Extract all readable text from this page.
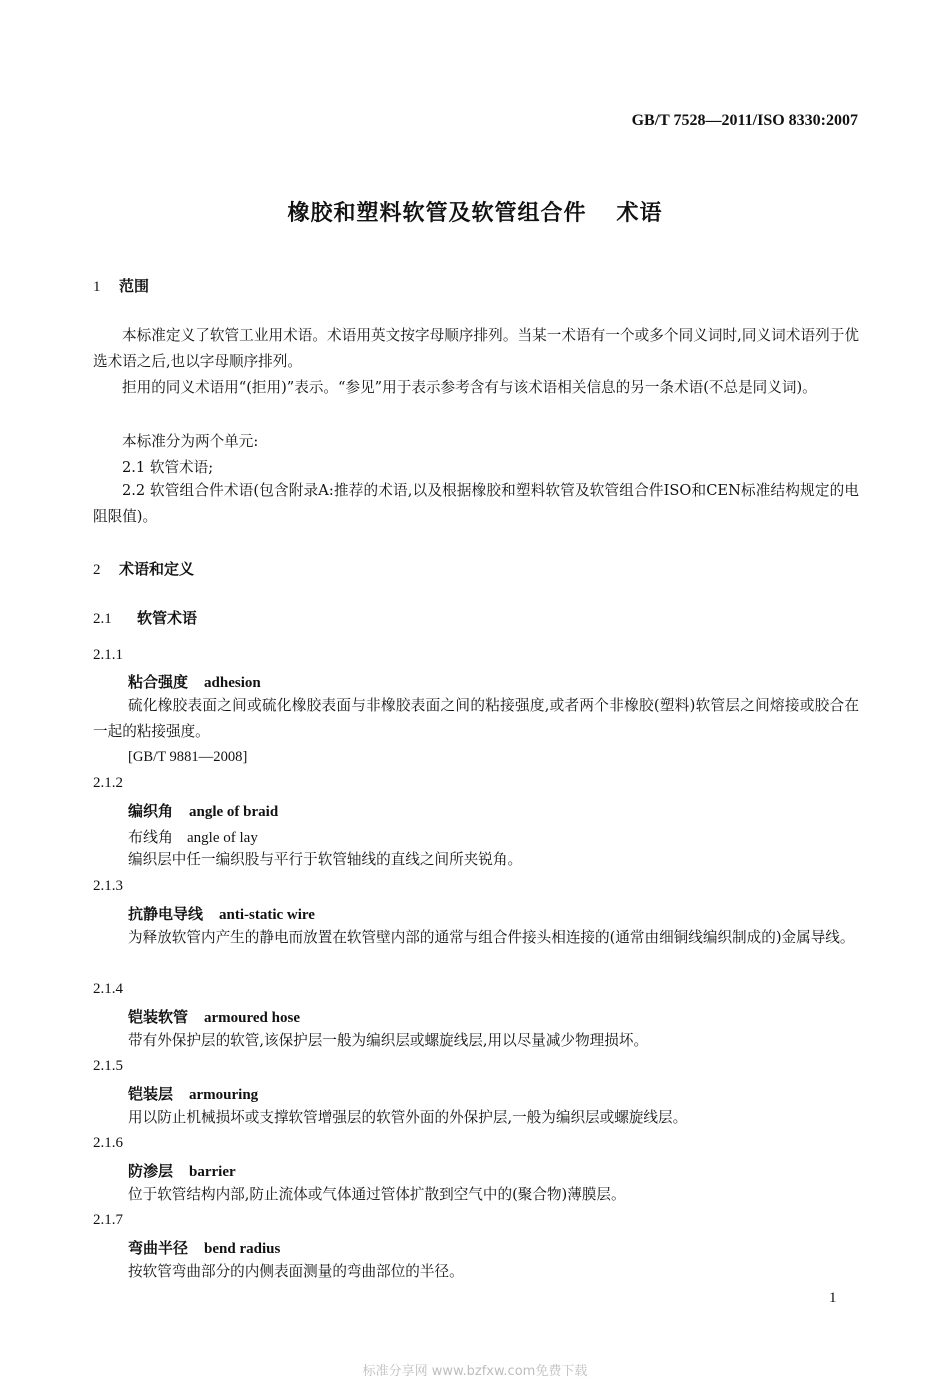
GB/T 7528—2011/ISO 8330:2007
橡胶和塑料软管及软管组合件 术语
1 范围
本标准定义了软管工业用术语。术语用英文按字母顺序排列。当某一术语有一个或多个同义词时,同义词术语列于优选术语之后,也以字母顺序排列。
拒用的同义术语用“(拒用)”表示。“参见”用于表示参考含有与该术语相关信息的另一条术语(不总是同义词)。
本标准分为两个单元:
2.1 软管术语;
2.2 软管组合件术语(包含附录A:推荐的术语,以及根据橡胶和塑料软管及软管组合件ISO和CEN标准结构规定的电阻限值)。
2 术语和定义
2.1 软管术语
2.1.1
粘合强度 adhesion
硫化橡胶表面之间或硫化橡胶表面与非橡胶表面之间的粘接强度,或者两个非橡胶(塑料)软管层之间熔接或胶合在一起的粘接强度。
[GB/T 9881—2008]
2.1.2
编织角 angle of braid
布线角 angle of lay
编织层中任一编织股与平行于软管轴线的直线之间所夹锐角。
2.1.3
抗静电导线 anti-static wire
为释放软管内产生的静电而放置在软管壁内部的通常与组合件接头相连接的(通常由细铜线编织制成的)金属导线。
2.1.4
铠装软管 armoured hose
带有外保护层的软管,该保护层一般为编织层或螺旋线层,用以尽量减少物理损坏。
2.1.5
铠装层 armouring
用以防止机械损坏或支撑软管增强层的软管外面的外保护层,一般为编织层或螺旋线层。
2.1.6
防渗层 barrier
位于软管结构内部,防止流体或气体通过管体扩散到空气中的(聚合物)薄膜层。
2.1.7
弯曲半径 bend radius
按软管弯曲部分的内侧表面测量的弯曲部位的半径。
1
标准分享网 www.bzfxw.com免费下载
